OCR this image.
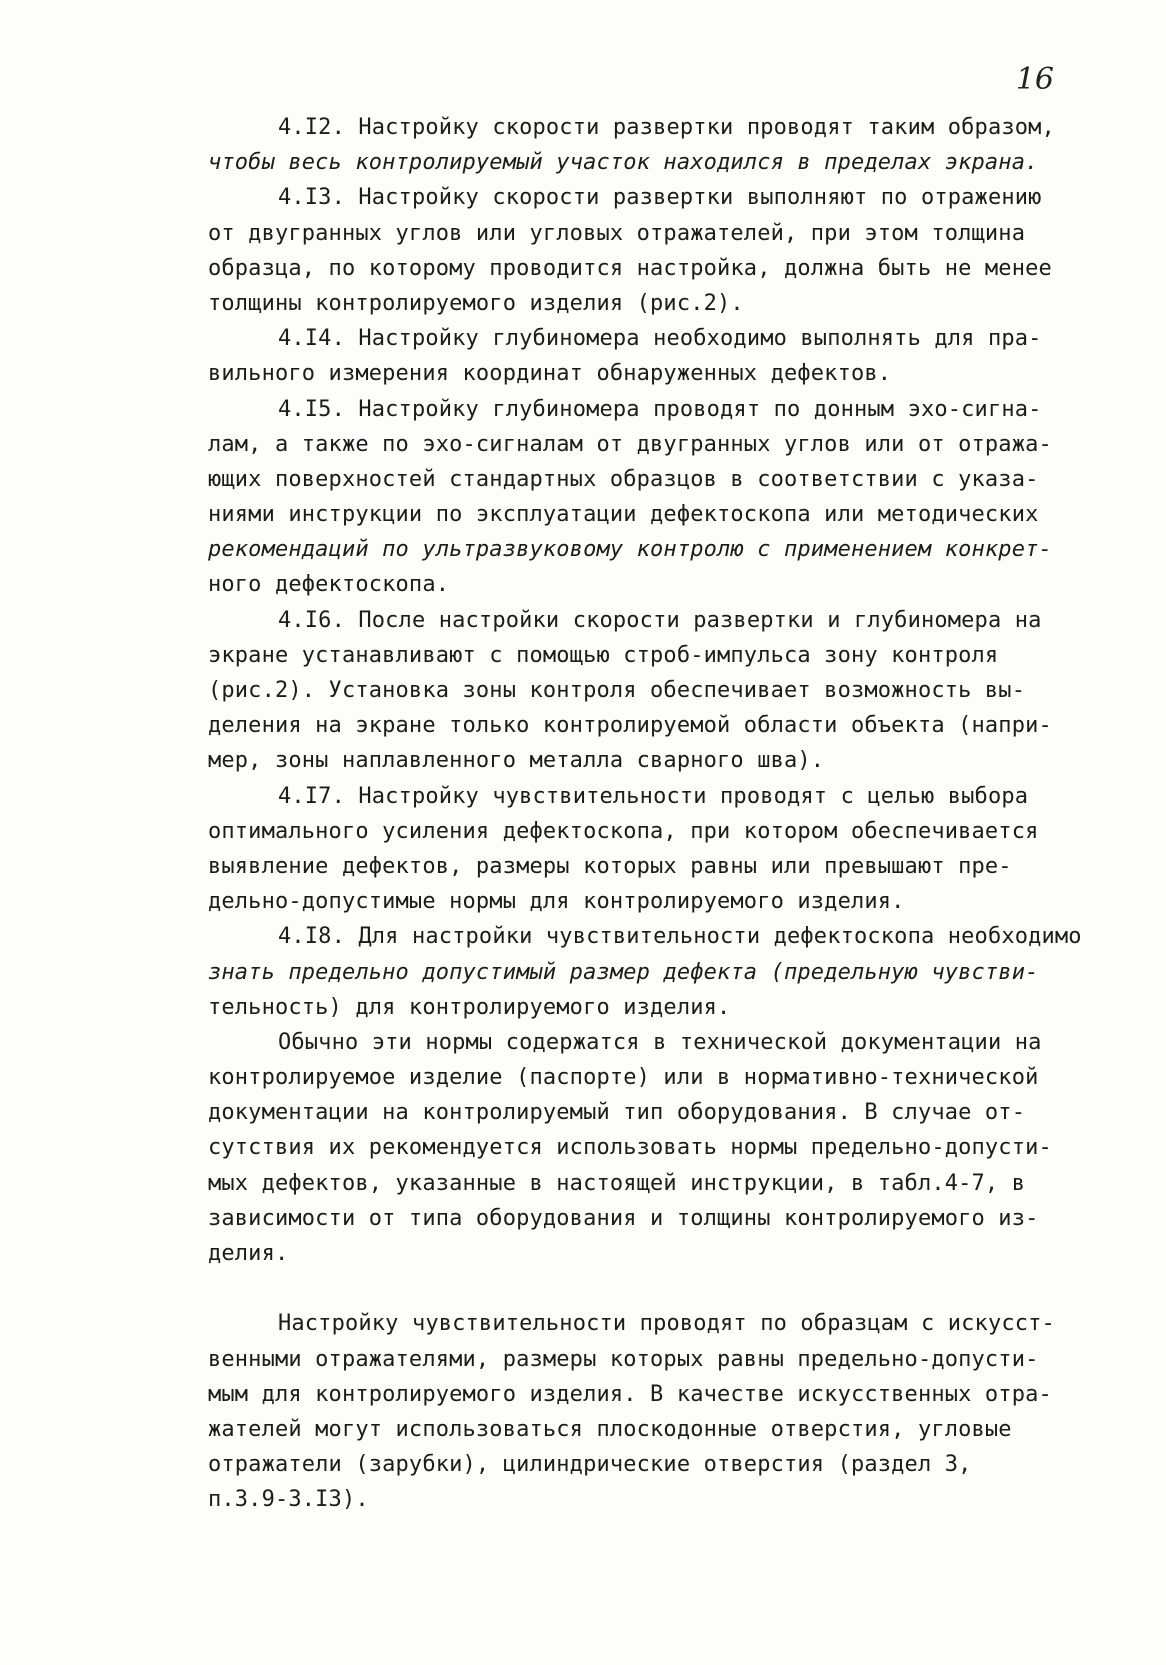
16
4.I2. Настройку скорости развертки проводят таким образом,
чтобы весь контролируемый участок находился в пределах экрана.
4.I3. Настройку скорости развертки выполняют по отражению
от двугранных углов или угловых отражателей, при этом толщина
образца, по которому проводится настройка, должна быть не менее
толщины контролируемого изделия (рис.2).
4.I4. Настройку глубиномера необходимо выполнять для пра-
вильного измерения координат обнаруженных дефектов.
4.I5. Настройку глубиномера проводят по донным эхо-сигна-
лам, а также по эхо-сигналам от двугранных углов или от отража-
ющих поверхностей стандартных образцов в соответствии с указа-
ниями инструкции по эксплуатации дефектоскопа или методических
рекомендаций по ультразвуковому контролю с применением конкрет-
ного дефектоскопа.
4.I6. После настройки скорости развертки и глубиномера на
экране устанавливают с помощью строб-импульса зону контроля
(рис.2). Установка зоны контроля обеспечивает возможность вы-
деления на экране только контролируемой области объекта (напри-
мер, зоны наплавленного металла сварного шва).
4.I7. Настройку чувствительности проводят с целью выбора
оптимального усиления дефектоскопа, при котором обеспечивается
выявление дефектов, размеры которых равны или превышают пре-
дельно-допустимые нормы для контролируемого изделия.
4.I8. Для настройки чувствительности дефектоскопа необходимо
знать предельно допустимый размер дефекта (предельную чувстви-
тельность) для контролируемого изделия.
Обычно эти нормы содержатся в технической документации на
контролируемое изделие (паспорте) или в нормативно-технической
документации на контролируемый тип оборудования. В случае от-
сутствия их рекомендуется использовать нормы предельно-допусти-
мых дефектов, указанные в настоящей инструкции, в табл.4-7, в
зависимости от типа оборудования и толщины контролируемого из-
делия.
Настройку чувствительности проводят по образцам с искусст-
венными отражателями, размеры которых равны предельно-допусти-
мым для контролируемого изделия. В качестве искусственных отра-
жателей могут использоваться плоскодонные отверстия, угловые
отражатели (зарубки), цилиндрические отверстия (раздел 3,
п.3.9-3.I3).
